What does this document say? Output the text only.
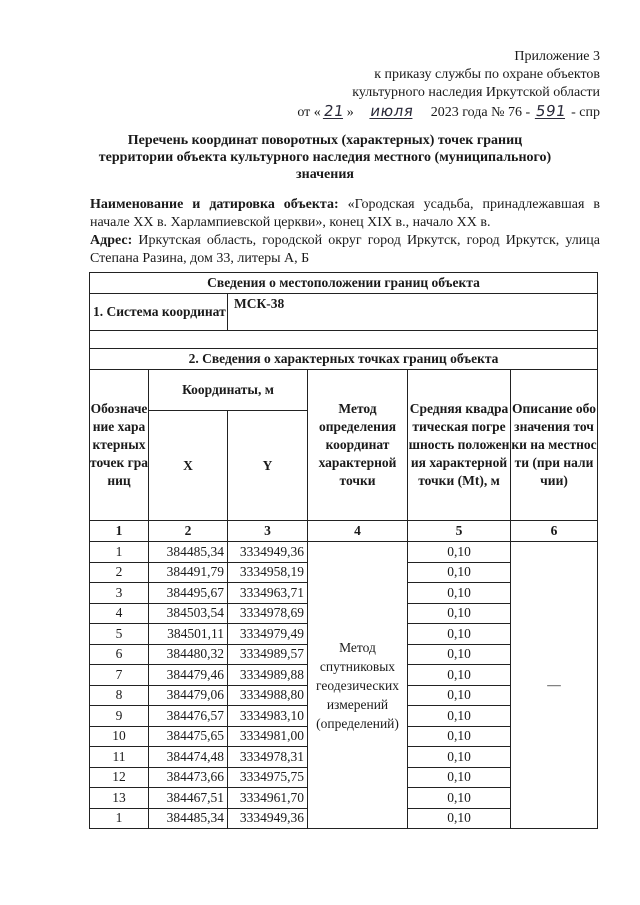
Приложение 3
к приказу службы по охране объектов
культурного наследия Иркутской области
от « 21 » июля 2023 года № 76 - 591 - спр
Перечень координат поворотных (характерных) точек границ
территории объекта культурного наследия местного (муниципального)
значения
Наименование и датировка объекта: «Городская усадьба, принадлежавшая в начале XX в. Харлампиевской церкви», конец XIX в., начало XX в.
Адрес: Иркутская область, городской округ город Иркутск, город Иркутск, улица Степана Разина, дом 33, литеры А, Б
Сведения о местоположении границ объекта					
1. Система координат		МСК-38			

2. Сведения о характерных точках границ объекта					
Обозначение характерных точек границ	Координаты, м		Метод определения координат характерной точки	Средняя квадратическая погрешность положения характерной точки (Mt), м	Описание обозначения точки на местности (при наличии)
	X	Y			
1	2	3	4	5	6
1	384485,34	3334949,36	Метод спутниковых геодезических измерений (определений)	0,10	—
2	384491,79	3334958,19		0,10	
3	384495,67	3334963,71		0,10	
4	384503,54	3334978,69		0,10	
5	384501,11	3334979,49		0,10	
6	384480,32	3334989,57		0,10	
7	384479,46	3334989,88		0,10	
8	384479,06	3334988,80		0,10	
9	384476,57	3334983,10		0,10	
10	384475,65	3334981,00		0,10	
11	384474,48	3334978,31		0,10	
12	384473,66	3334975,75		0,10	
13	384467,51	3334961,70		0,10	
1	384485,34	3334949,36		0,10	
